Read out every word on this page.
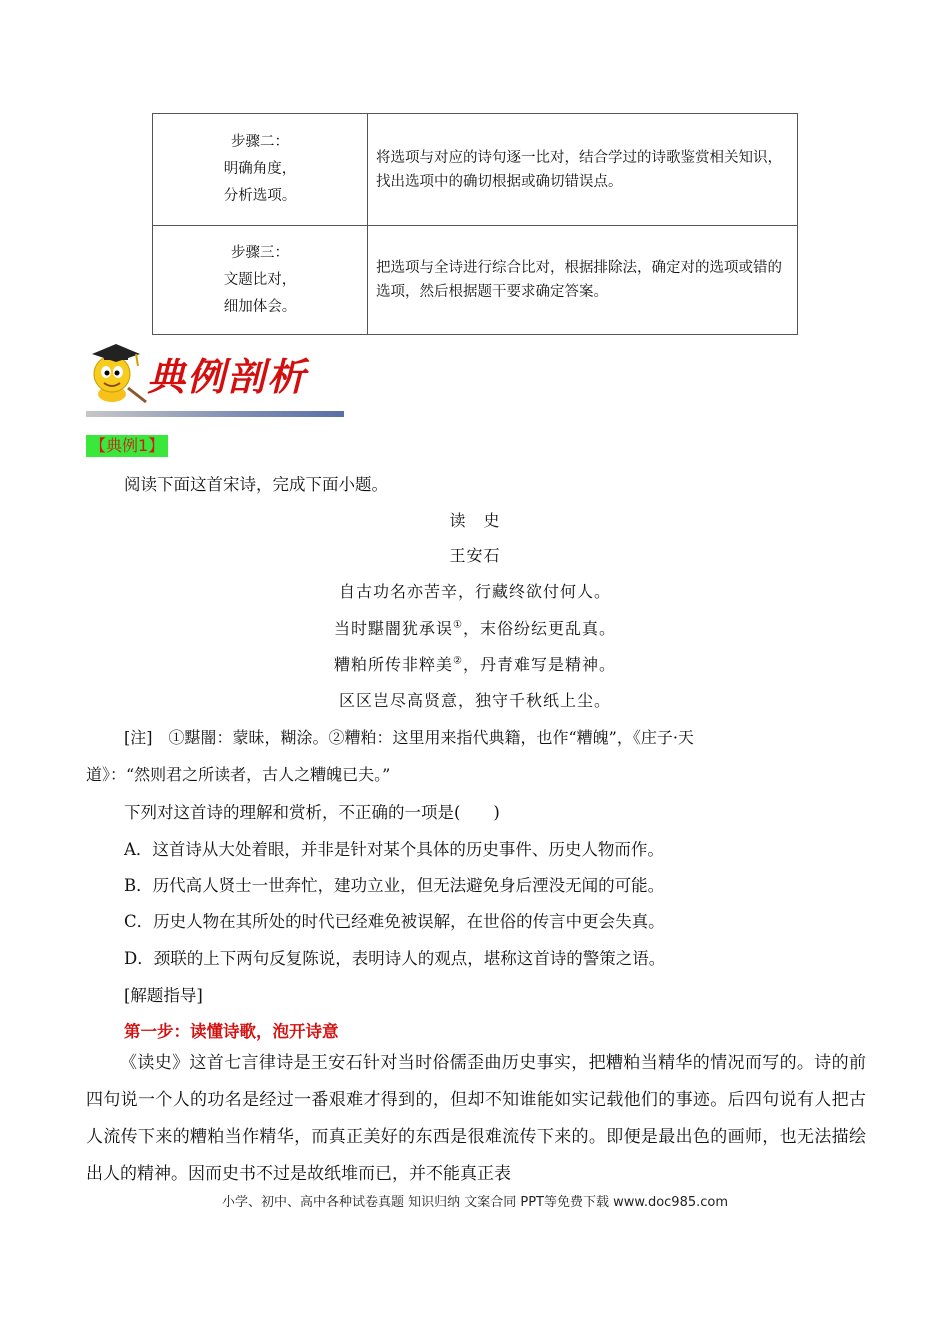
步骤二：
明确角度，
分析选项。	将选项与对应的诗句逐一比对，结合学过的诗歌鉴赏相关知识，找出选项中的确切根据或确切错误点。

步骤三：
文题比对，
细加体会。	把选项与全诗进行综合比对，根据排除法，确定对的选项或错的选项，然后根据题干要求确定答案。
典例剖析
【典例1】
阅读下面这首宋诗，完成下面小题。
读　史
王安石
自古功名亦苦辛，行藏终欲付何人。
当时黮闇犹承误①，末俗纷纭更乱真。
糟粕所传非粹美②，丹青难写是精神。
区区岂尽高贤意，独守千秋纸上尘。
[注]　①黮闇：蒙昧，糊涂。②糟粕：这里用来指代典籍，也作“糟魄”，《庄子·天
道》：“然则君之所读者，古人之糟魄已夫。”
下列对这首诗的理解和赏析，不正确的一项是(　　)
A．这首诗从大处着眼，并非是针对某个具体的历史事件、历史人物而作。
B．历代高人贤士一世奔忙，建功立业，但无法避免身后湮没无闻的可能。
C．历史人物在其所处的时代已经难免被误解，在世俗的传言中更会失真。
D．颈联的上下两句反复陈说，表明诗人的观点，堪称这首诗的警策之语。
[解题指导]
第一步：读懂诗歌，泡开诗意
《读史》这首七言律诗是王安石针对当时俗儒歪曲历史事实，把糟粕当精华的情况而写的。诗的前四句说一个人的功名是经过一番艰难才得到的，但却不知谁能如实记载他们的事迹。后四句说有人把古人流传下来的糟粕当作精华，而真正美好的东西是很难流传下来的。即便是最出色的画师，也无法描绘出人的精神。因而史书不过是故纸堆而已，并不能真正表
小学、初中、高中各种试卷真题 知识归纳 文案合同 PPT等免费下载 www.doc985.com
